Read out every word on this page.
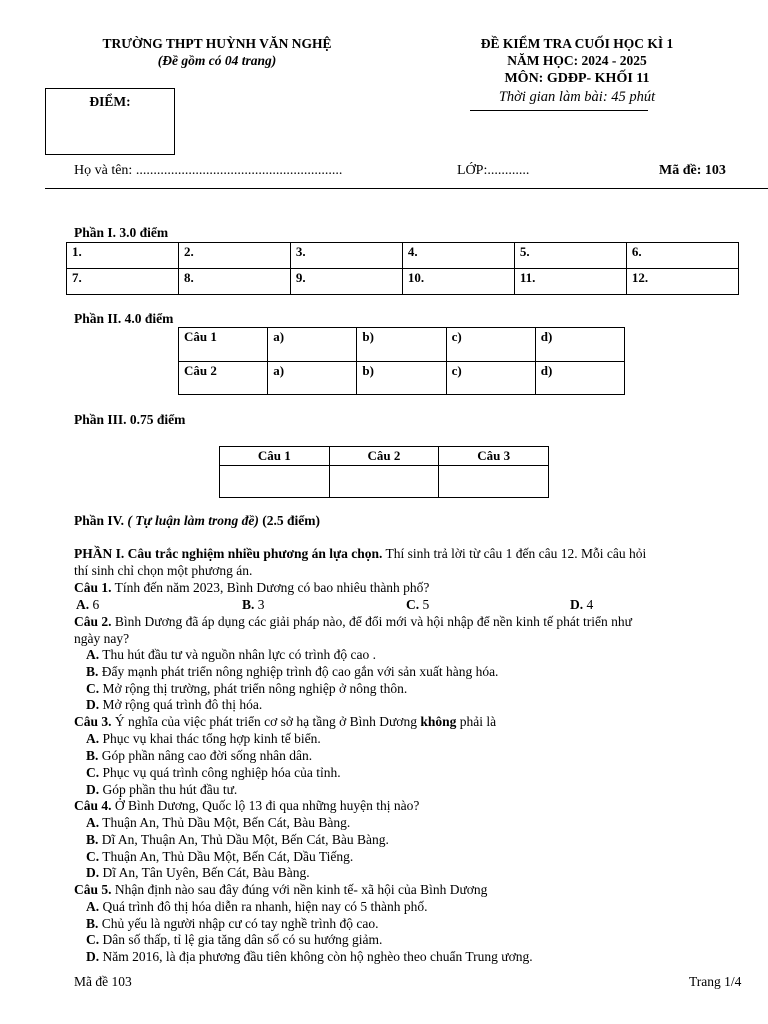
TRƯỜNG THPT HUỲNH VĂN NGHỆ
(Đề gồm có 04 trang)
ĐỀ KIỂM TRA CUỐI HỌC KÌ 1
NĂM HỌC: 2024 - 2025
MÔN: GDĐP- KHỐI 11
Thời gian làm bài: 45 phút
ĐIỂM:
Họ và tên: ...........................................................	LỚP:............	Mã đề: 103
Phần I. 3.0 điểm
1.	2.	3.	4.	5.	6.
7.	8.	9.	10.	11.	12.
Phần II. 4.0 điểm
Câu 1	a)	b)	c)	d)
Câu 2	a)	b)	c)	d)
Phần III. 0.75 điểm
Câu 1	Câu 2	Câu 3

Phần IV. ( Tự luận làm trong đề) (2.5 điểm)
PHẦN I. Câu trắc nghiệm nhiều phương án lựa chọn. Thí sinh trả lời từ câu 1 đến câu 12. Mỗi câu hỏi
thí sinh chỉ chọn một phương án.
Câu 1. Tính đến năm 2023, Bình Dương có bao nhiêu thành phố?
A. 6	B. 3	C. 5	D. 4
Câu 2. Bình Dương đã áp dụng các giải pháp nào, để đổi mới và hội nhập để nền kinh tế phát triển như
ngày nay?
A. Thu hút đầu tư và nguồn nhân lực có trình độ cao .
B. Đẩy mạnh phát triển nông nghiệp trình độ cao gắn với sản xuất hàng hóa.
C. Mở rộng thị trường, phát triển nông nghiệp ở nông thôn.
D. Mở rộng quá trình đô thị hóa.
Câu 3. Ý nghĩa của việc phát triển cơ sở hạ tầng ở Bình Dương không phải là
A. Phục vụ khai thác tổng hợp kinh tế biển.
B. Góp phần nâng cao đời sống nhân dân.
C. Phục vụ quá trình công nghiệp hóa của tỉnh.
D. Góp phần thu hút đầu tư.
Câu 4. Ở Bình Dương, Quốc lộ 13 đi qua những huyện thị nào?
A. Thuận An, Thủ Dầu Một, Bến Cát, Bàu Bàng.
B. Dĩ An, Thuận An, Thủ Dầu Một, Bến Cát, Bàu Bàng.
C. Thuận An, Thủ Dầu Một, Bến Cát, Dầu Tiếng.
D. Dĩ An, Tân Uyên, Bến Cát, Bàu Bàng.
Câu 5. Nhận định nào sau đây đúng với nền kinh tế- xã hội của Bình Dương
A. Quá trình đô thị hóa diễn ra nhanh, hiện nay có 5 thành phố.
B. Chủ yếu là người nhập cư có tay nghề trình độ cao.
C. Dân số thấp, tỉ lệ gia tăng dân số có su hướng giảm.
D. Năm 2016, là địa phương đầu tiên không còn hộ nghèo theo chuẩn Trung ương.
Mã đề 103	Trang 1/4
